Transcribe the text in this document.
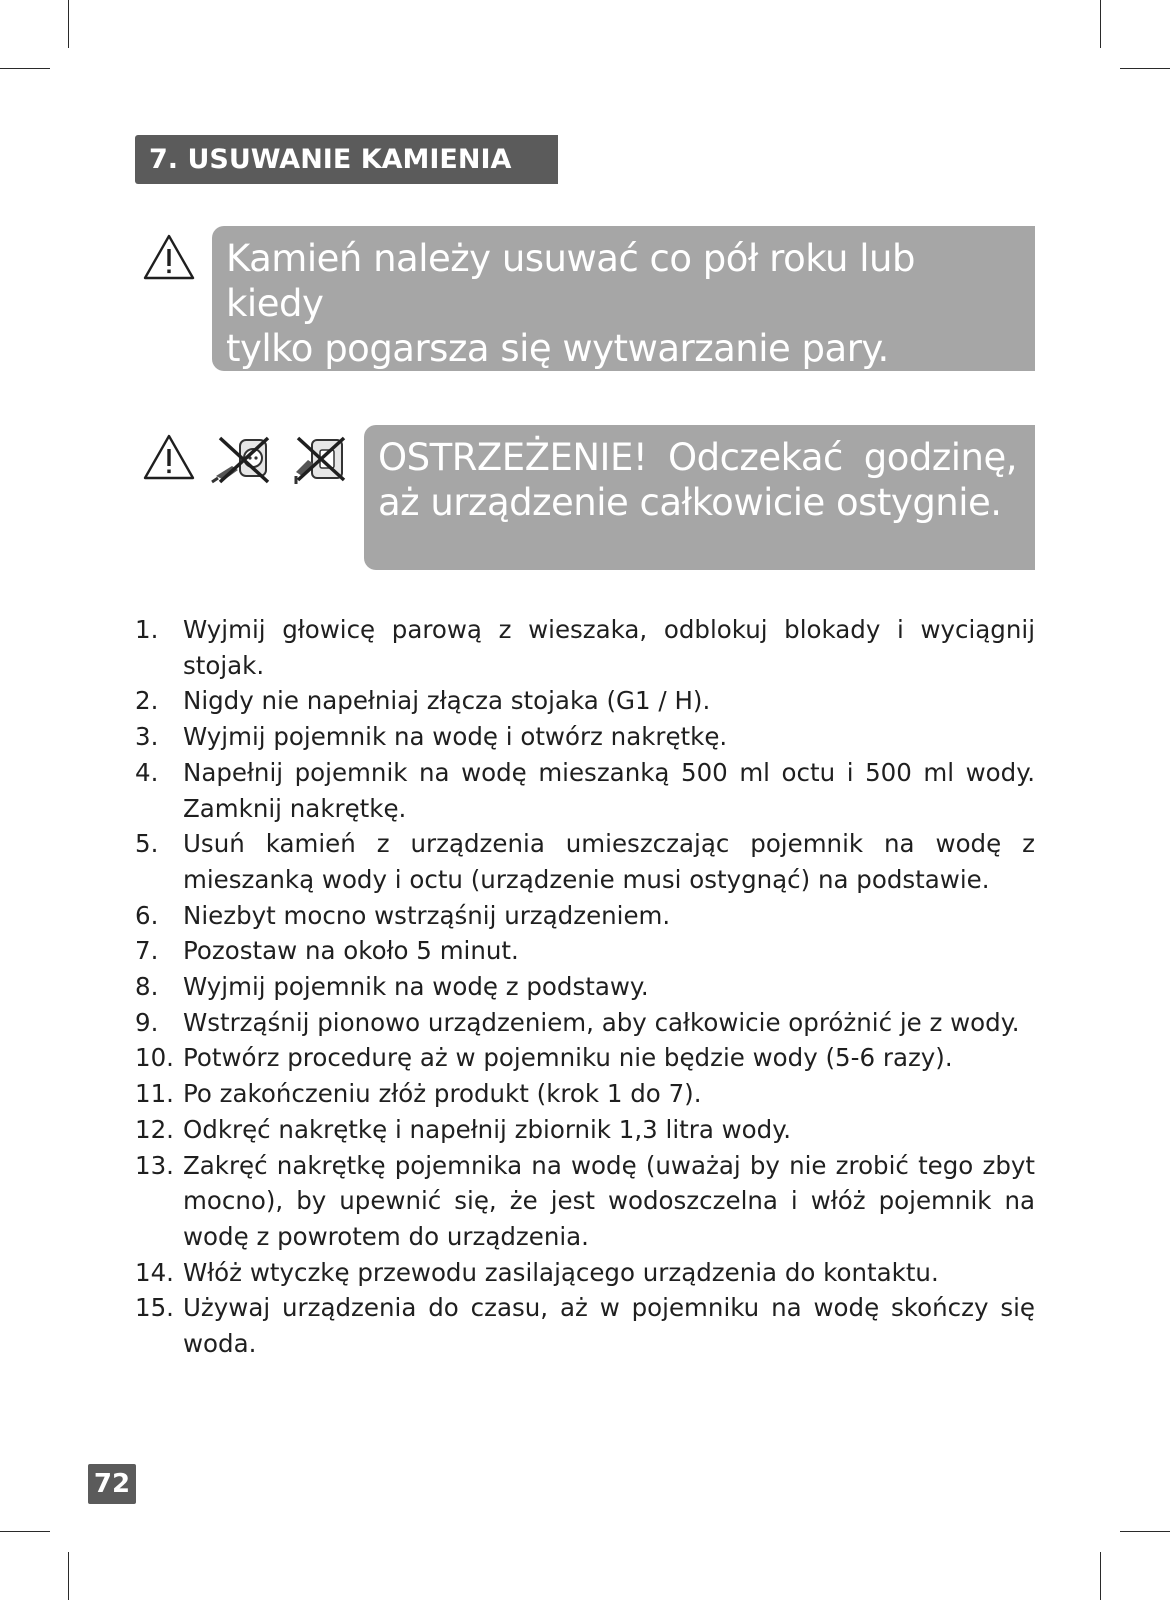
7. USUWANIE KAMIENIA
Kamień należy usuwać co pół roku lub kiedy
tylko pogarsza się wytwarzanie pary.
OSTRZEŻENIE! Odczekać godzinę,
aż urządzenie całkowicie ostygnie.
1.	Wyjmij głowicę parową z wieszaka, odblokuj blokady i wyciągnij stojak.
2.	Nigdy nie napełniaj złącza stojaka (G1 / H).
3.	Wyjmij pojemnik na wodę i otwórz nakrętkę.
4.	Napełnij pojemnik na wodę mieszanką 500 ml octu i 500 ml wody. Zamknij nakrętkę.
5.	Usuń kamień z urządzenia umieszczając pojemnik na wodę z mieszanką wody i octu (urządzenie musi ostygnąć) na podstawie.
6.	Niezbyt mocno wstrząśnij urządzeniem.
7.	Pozostaw na około 5 minut.
8.	Wyjmij pojemnik na wodę z podstawy.
9.	Wstrząśnij pionowo urządzeniem, aby całkowicie opróżnić je z wody.
10. Potwórz procedurę aż w pojemniku nie będzie wody (5-6 razy).
11. Po zakończeniu złóż produkt (krok 1 do 7).
12. Odkręć nakrętkę i napełnij zbiornik 1,3 litra wody.
13. Zakręć nakrętkę pojemnika na wodę (uważaj by nie zrobić tego zbyt mocno), by upewnić się, że jest wodoszczelna i włóż pojemnik na wodę z powrotem do urządzenia.
14. Włóż wtyczkę przewodu zasilającego urządzenia do kontaktu.
15. Używaj urządzenia do czasu, aż w pojemniku na wodę skończy się woda.
72
